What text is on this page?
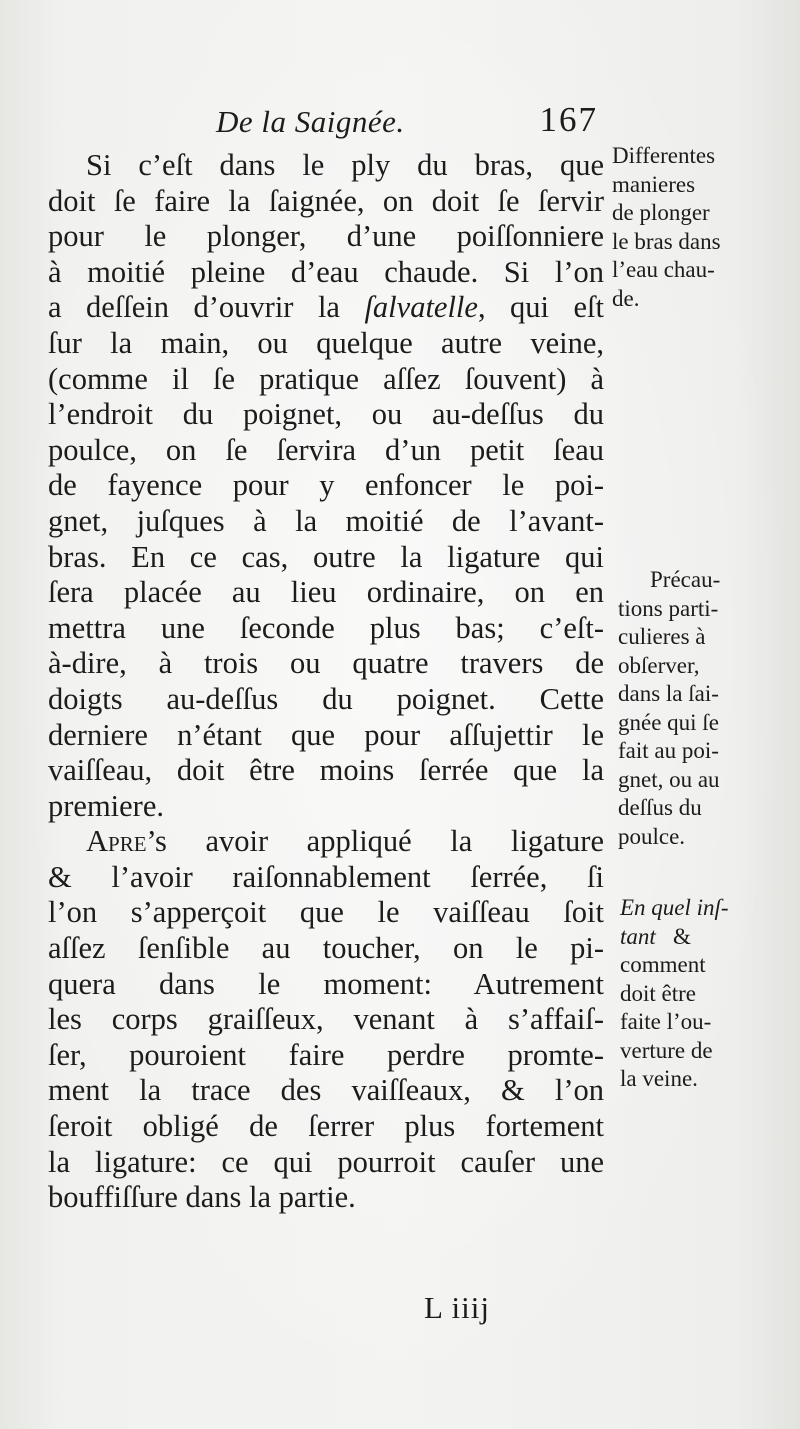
De la Saignée.	167
Si c’eſt dans le ply du bras, que
doit ſe faire la ſaignée, on doit ſe ſervir
pour le plonger, d’une poiſſonniere
à moitié pleine d’eau chaude. Si l’on
a deſſein d’ouvrir la ſalvatelle, qui eſt
ſur la main, ou quelque autre veine,
(comme il ſe pratique aſſez ſouvent) à
l’endroit du poignet, ou au-deſſus du
poulce, on ſe ſervira d’un petit ſeau
de fayence pour y enfoncer le poi-
gnet, juſques à la moitié de l’avant-
bras. En ce cas, outre la ligature qui
ſera placée au lieu ordinaire, on en
mettra une ſeconde plus bas; c’eſt-
à-dire, à trois ou quatre travers de
doigts au-deſſus du poignet. Cette
derniere n’étant que pour aſſujettir le
vaiſſeau, doit être moins ſerrée que la
premiere.
Apre’s avoir appliqué la ligature
& l’avoir raiſonnablement ſerrée, ſi
l’on s’apperçoit que le vaiſſeau ſoit
aſſez ſenſible au toucher, on le pi-
quera dans le moment: Autrement
les corps graiſſeux, venant à s’affaiſ-
ſer, pouroient faire perdre promte-
ment la trace des vaiſſeaux, & l’on
ſeroit obligé de ſerrer plus fortement
la ligature: ce qui pourroit cauſer une
bouffiſſure dans la partie.
Differentes
manieres
de plonger
le bras dans
l’eau chau-
de.
Précau-
tions parti-
culieres à
obſerver,
dans la ſai-
gnée qui ſe
fait au poi-
gnet, ou au
deſſus du
poulce.
En quel inſ-
tant &
comment
doit être
faite l’ou-
verture de
la veine.
L iiij
